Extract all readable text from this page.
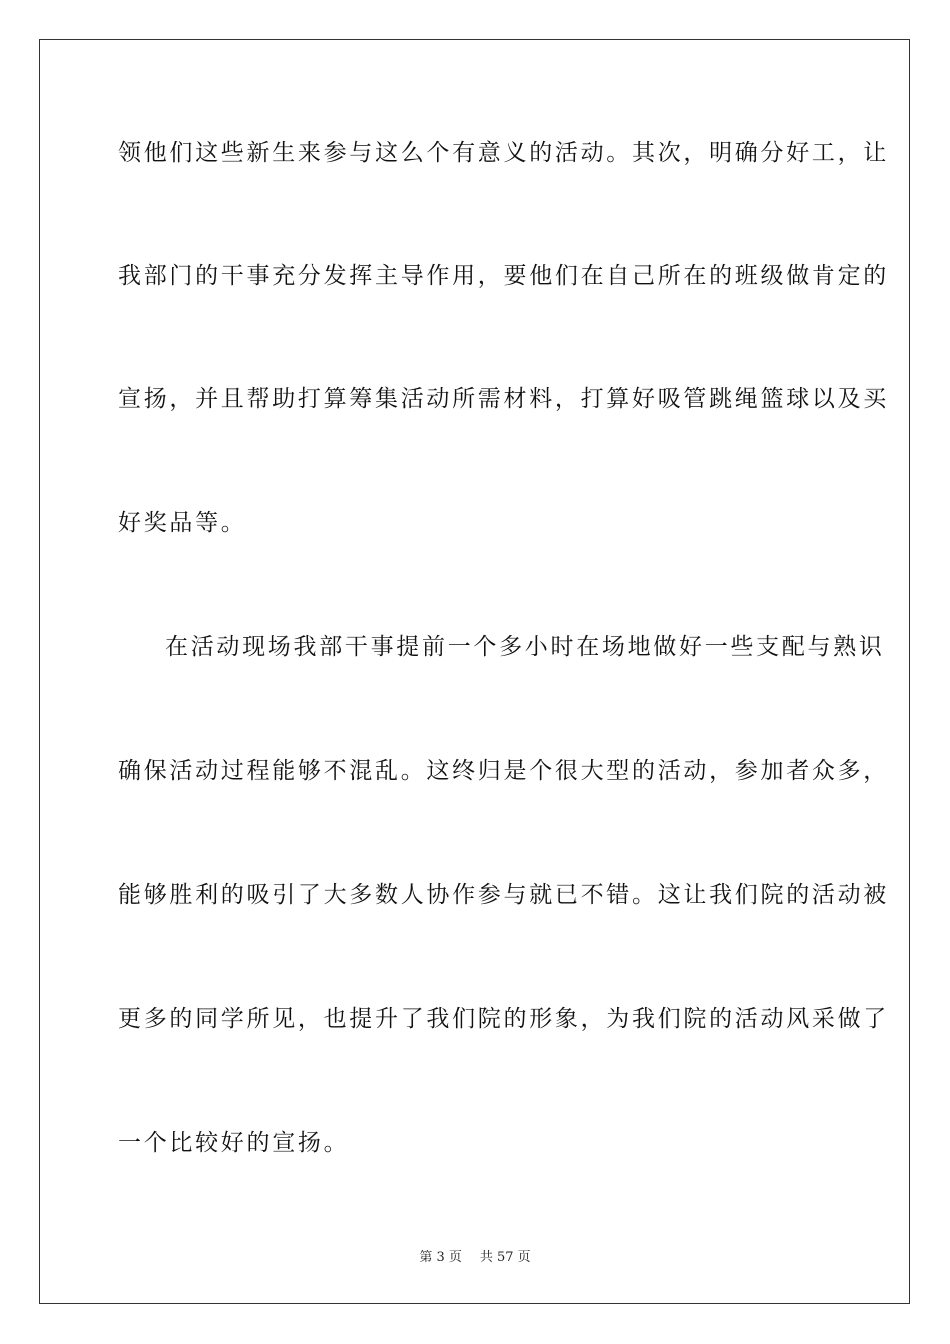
领他们这些新生来参与这么个有意义的活动。其次，明确分好工，让
我部门的干事充分发挥主导作用，要他们在自己所在的班级做肯定的
宣扬，并且帮助打算筹集活动所需材料，打算好吸管跳绳篮球以及买
好奖品等。
在活动现场我部干事提前一个多小时在场地做好一些支配与熟识
确保活动过程能够不混乱。这终归是个很大型的活动，参加者众多，
能够胜利的吸引了大多数人协作参与就已不错。这让我们院的活动被
更多的同学所见，也提升了我们院的形象，为我们院的活动风采做了
一个比较好的宣扬。
第 3 页 共 57 页
